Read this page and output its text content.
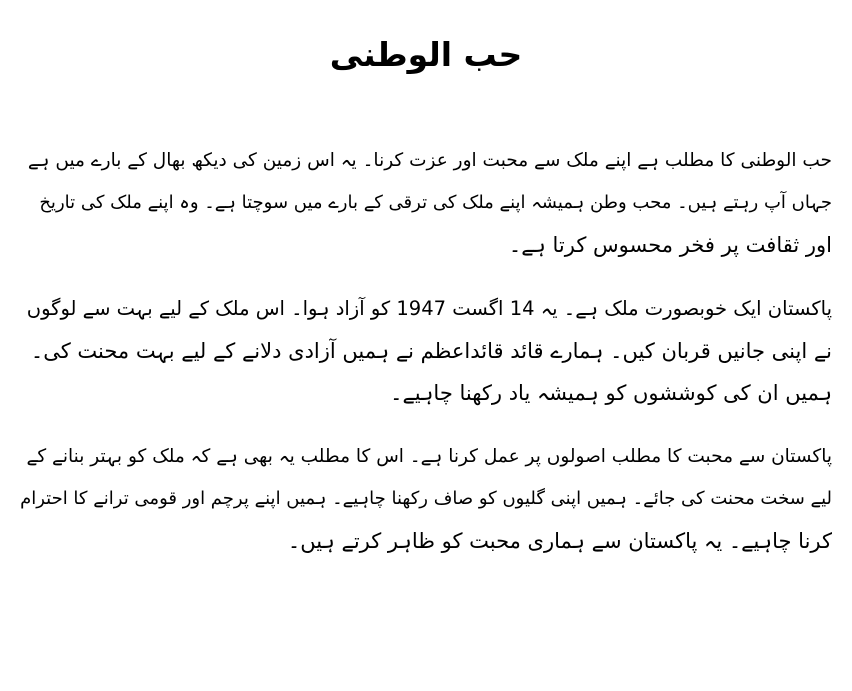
حب الوطنی
حب الوطنی کا مطلب ہے اپنے ملک سے محبت اور عزت کرنا۔ یہ اس زمین کی دیکھ بھال کے بارے میں ہے
جہاں آپ رہتے ہیں۔ محب وطن ہمیشہ اپنے ملک کی ترقی کے بارے میں سوچتا ہے۔ وہ اپنے ملک کی تاریخ
اور ثقافت پر فخر محسوس کرتا ہے۔
پاکستان ایک خوبصورت ملک ہے۔ یہ 14 اگست 1947 کو آزاد ہوا۔ اس ملک کے لیے بہت سے لوگوں
نے اپنی جانیں قربان کیں۔ ہمارے قائد قائداعظم نے ہمیں آزادی دلانے کے لیے بہت محنت کی۔
ہمیں ان کی کوششوں کو ہمیشہ یاد رکھنا چاہیے۔
پاکستان سے محبت کا مطلب اصولوں پر عمل کرنا ہے۔ اس کا مطلب یہ بھی ہے کہ ملک کو بہتر بنانے کے
لیے سخت محنت کی جائے۔ ہمیں اپنی گلیوں کو صاف رکھنا چاہیے۔ ہمیں اپنے پرچم اور قومی ترانے کا احترام
کرنا چاہیے۔ یہ پاکستان سے ہماری محبت کو ظاہر کرتے ہیں۔
